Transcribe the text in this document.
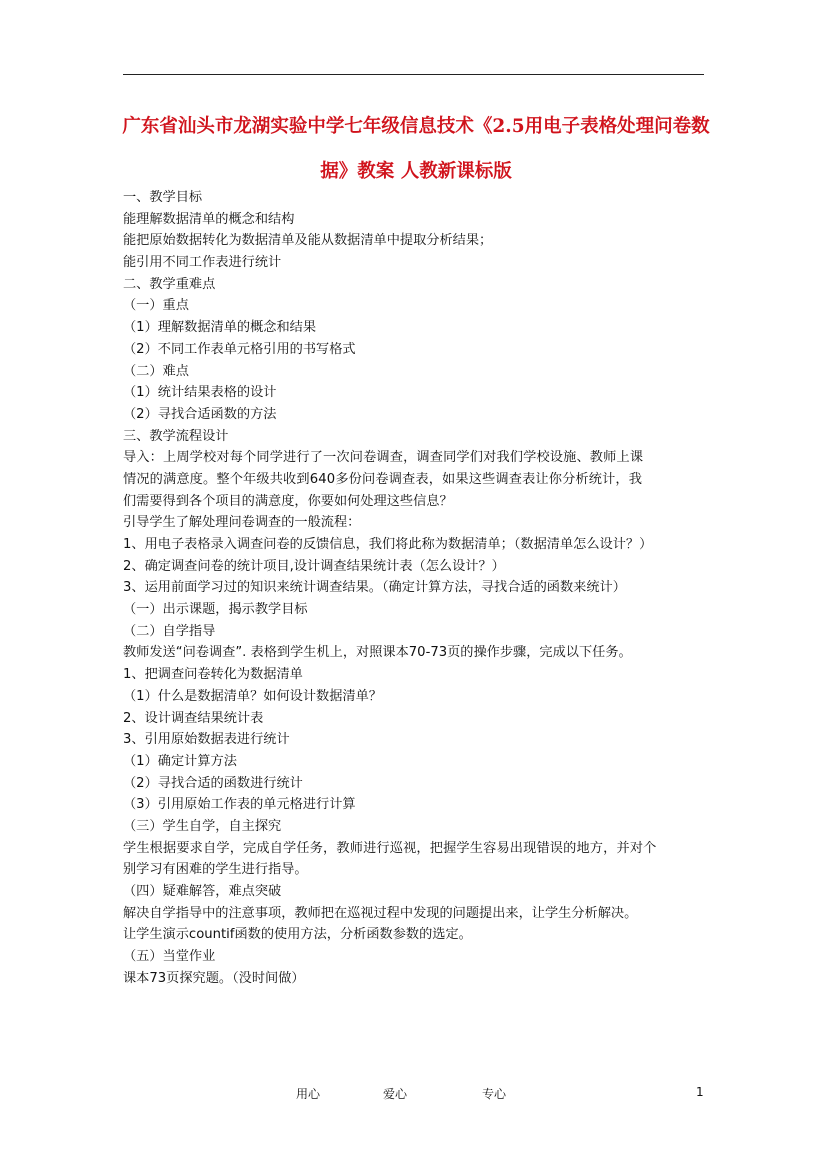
广东省汕头市龙湖实验中学七年级信息技术《2.5用电子表格处理问卷数据》教案 人教新课标版
一、教学目标
能理解数据清单的概念和结构
能把原始数据转化为数据清单及能从数据清单中提取分析结果；
能引用不同工作表进行统计
二、教学重难点
（一）重点
（1）理解数据清单的概念和结果
（2）不同工作表单元格引用的书写格式
（二）难点
（1）统计结果表格的设计
（2）寻找合适函数的方法
三、教学流程设计
导入：上周学校对每个同学进行了一次问卷调查，调查同学们对我们学校设施、教师上课
情况的满意度。整个年级共收到640多份问卷调查表，如果这些调查表让你分析统计，我
们需要得到各个项目的满意度，你要如何处理这些信息？
引导学生了解处理问卷调查的一般流程：
1、用电子表格录入调查问卷的反馈信息，我们将此称为数据清单；（数据清单怎么设计？）
2、确定调查问卷的统计项目,设计调查结果统计表（怎么设计？）
3、运用前面学习过的知识来统计调查结果。（确定计算方法，寻找合适的函数来统计）
（一）出示课题，揭示教学目标
（二）自学指导
教师发送“问卷调查”. 表格到学生机上，对照课本70-73页的操作步骤，完成以下任务。
1、把调查问卷转化为数据清单
（1）什么是数据清单？如何设计数据清单？
2、设计调查结果统计表
3、引用原始数据表进行统计
（1）确定计算方法
（2）寻找合适的函数进行统计
（3）引用原始工作表的单元格进行计算
（三）学生自学，自主探究
学生根据要求自学，完成自学任务，教师进行巡视，把握学生容易出现错误的地方，并对个
别学习有困难的学生进行指导。
（四）疑难解答，难点突破
解决自学指导中的注意事项，教师把在巡视过程中发现的问题提出来，让学生分析解决。
让学生演示countif函数的使用方法，分析函数参数的选定。
（五）当堂作业
课本73页探究题。（没时间做）
用心	爱心	专心	1
